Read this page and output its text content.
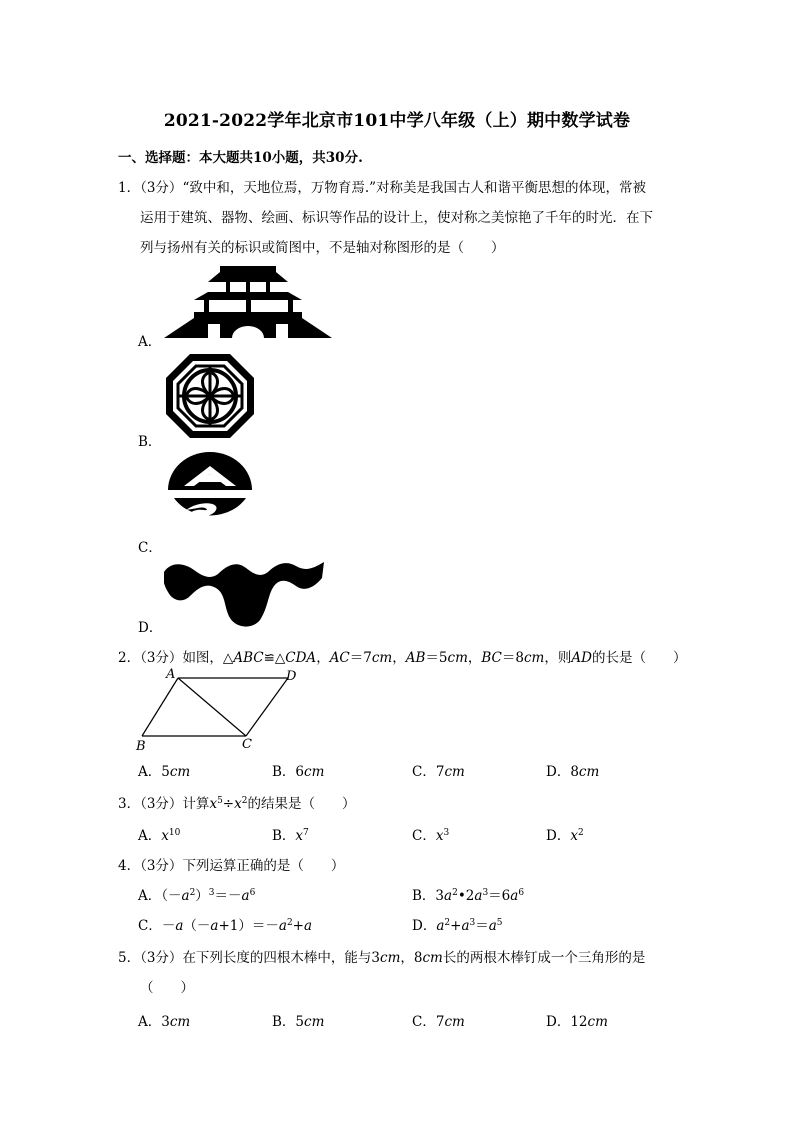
2021-2022学年北京市101中学八年级（上）期中数学试卷
一、选择题：本大题共10小题，共30分.
1．（3分）“致中和，天地位焉，万物育焉.”对称美是我国古人和谐平衡思想的体现，常被
运用于建筑、器物、绘画、标识等作品的设计上，使对称之美惊艳了千年的时光．在下
列与扬州有关的标识或简图中，不是轴对称图形的是（　　）
A．
B．
C．
D．
2．（3分）如图，△ABC≌△CDA，AC＝7cm，AB＝5cm，BC＝8cm，则AD的长是（　　）
A	D
B	C
A．5cm	B．6cm	C．7cm	D．8cm
3．（3分）计算$x^5\div x^2$的结果是（　　）
A．$x^{10}$	B．$x^7$	C．$x^3$	D．$x^2$
4．（3分）下列运算正确的是（　　）
A．$(-a^2)^3=-a^6$	B．$3a^2•2a^3=6a^6$
C．$-a(-a+1)=-a^2+a$	D．$a^2+a^3=a^5$
5．（3分）在下列长度的四根木棒中，能与3cm，8cm长的两根木棒钉成一个三角形的是
（　　）
A．3cm	B．5cm	C．7cm	D．12cm
